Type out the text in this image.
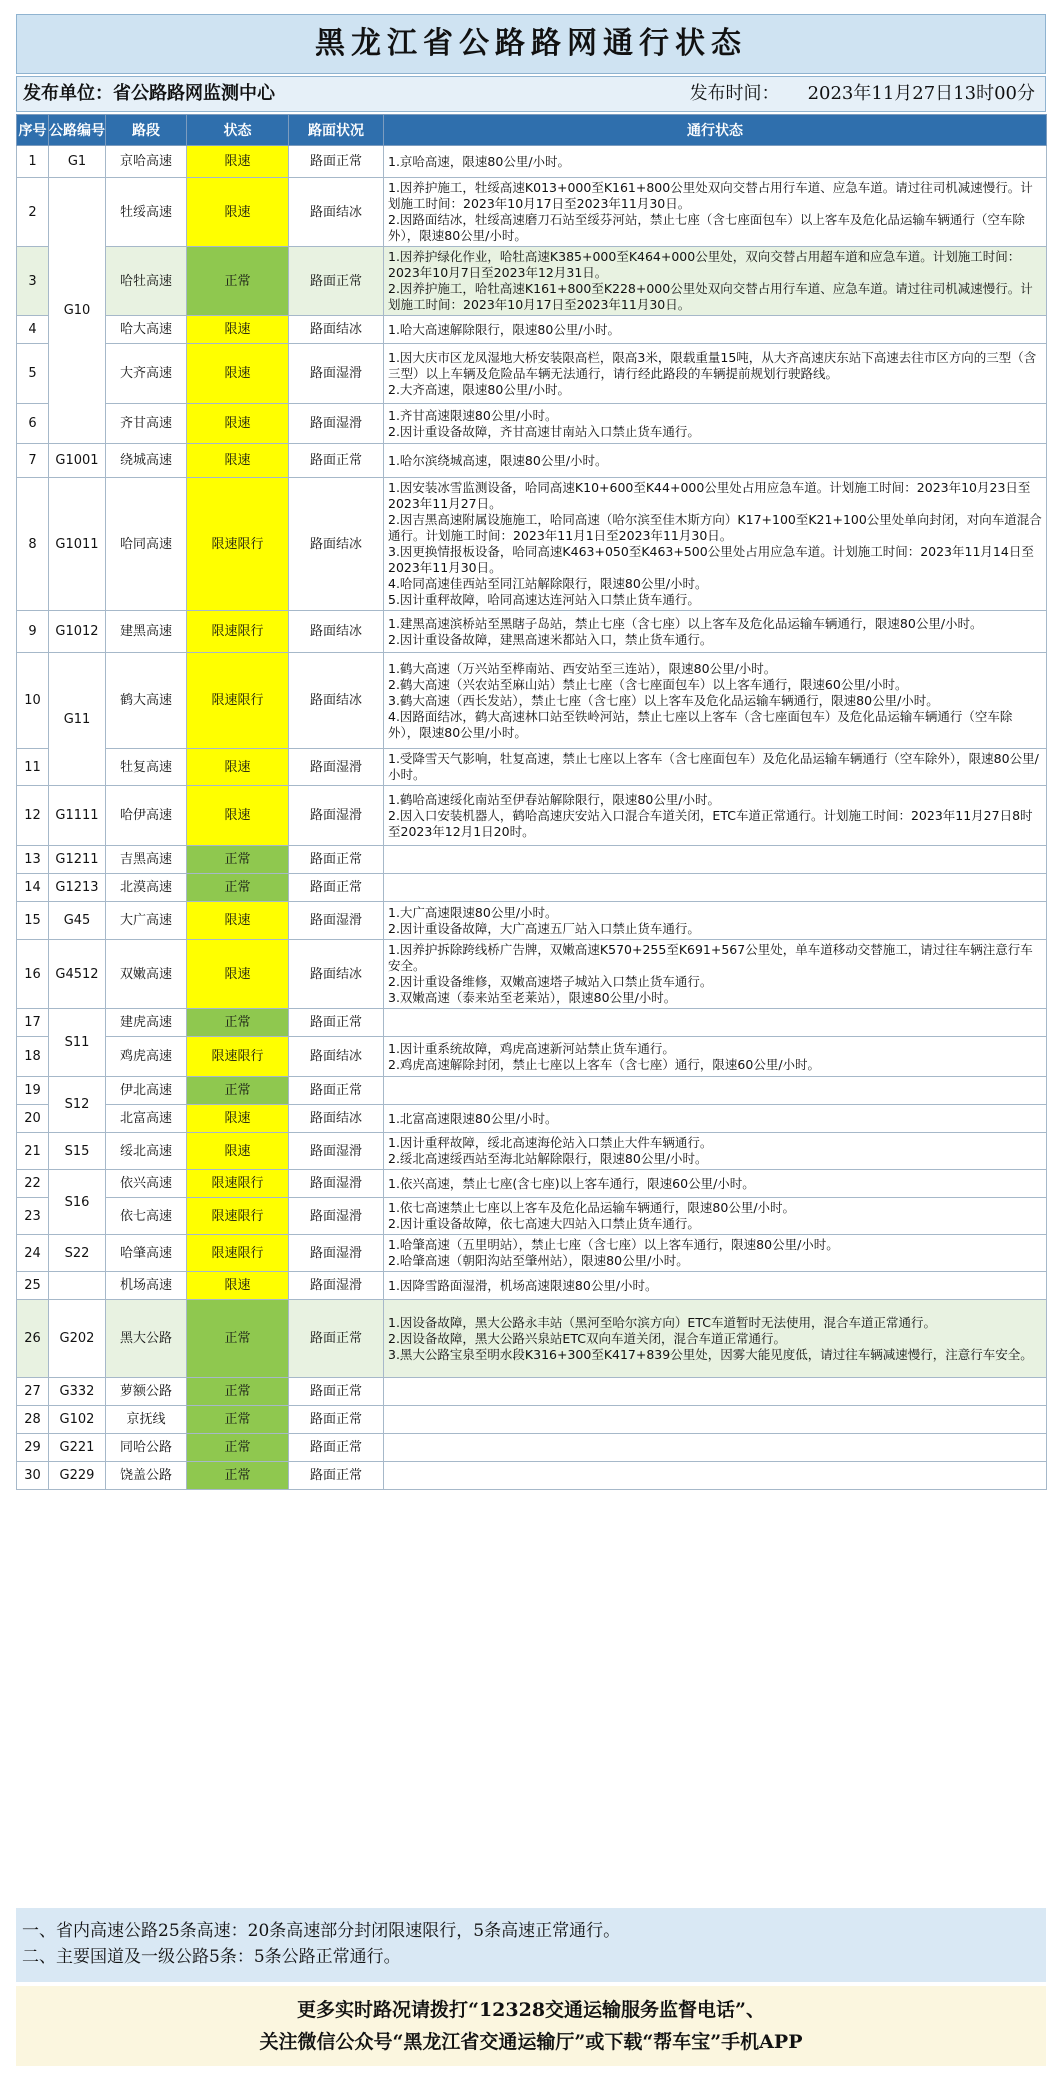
黑龙江省公路路网通行状态
发布单位：省公路路网监测中心	发布时间： 2023年11月27日13时00分
序号	公路编号	路段	状态	路面状况	通行状态
1	G1	京哈高速	限速	路面正常	1.京哈高速，限速80公里/小时。

2	G10	牡绥高速	限速	路面结冰	1.因养护施工，牡绥高速K013+000至K161+800公里处双向交替占用行车道、应急车道。请过往司机减速慢行。计划施工时间：2023年10月17日至2023年11月30日。
2.因路面结冰，牡绥高速磨刀石站至绥芬河站，禁止七座（含七座面包车）以上客车及危化品运输车辆通行（空车除外），限速80公里/小时。

3		哈牡高速	正常	路面正常	1.因养护绿化作业，哈牡高速K385+000至K464+000公里处，双向交替占用超车道和应急车道。计划施工时间：2023年10月7日至2023年12月31日。
2.因养护施工，哈牡高速K161+800至K228+000公里处双向交替占用行车道、应急车道。请过往司机减速慢行。计划施工时间：2023年10月17日至2023年11月30日。

4		哈大高速	限速	路面结冰	1.哈大高速解除限行，限速80公里/小时。

5		大齐高速	限速	路面湿滑	1.因大庆市区龙凤湿地大桥安装限高栏，限高3米，限载重量15吨，从大齐高速庆东站下高速去往市区方向的三型（含三型）以上车辆及危险品车辆无法通行，请行经此路段的车辆提前规划行驶路线。
2.大齐高速，限速80公里/小时。

6		齐甘高速	限速	路面湿滑	1.齐甘高速限速80公里/小时。
2.因计重设备故障，齐甘高速甘南站入口禁止货车通行。

7	G1001	绕城高速	限速	路面正常	1.哈尔滨绕城高速，限速80公里/小时。

8	G1011	哈同高速	限速限行	路面结冰	1.因安装冰雪监测设备，哈同高速K10+600至K44+000公里处占用应急车道。计划施工时间：2023年10月23日至2023年11月27日。
2.因吉黑高速附属设施施工，哈同高速（哈尔滨至佳木斯方向）K17+100至K21+100公里处单向封闭，对向车道混合通行。计划施工时间：2023年11月1日至2023年11月30日。
3.因更换情报板设备，哈同高速K463+050至K463+500公里处占用应急车道。计划施工时间：2023年11月14日至2023年11月30日。
4.哈同高速佳西站至同江站解除限行，限速80公里/小时。
5.因计重秤故障，哈同高速达连河站入口禁止货车通行。

9	G1012	建黑高速	限速限行	路面结冰	1.建黑高速滨桥站至黑瞎子岛站，禁止七座（含七座）以上客车及危化品运输车辆通行，限速80公里/小时。
2.因计重设备故障，建黑高速米都站入口，禁止货车通行。

10	G11	鹤大高速	限速限行	路面结冰	1.鹤大高速（万兴站至桦南站、西安站至三连站），限速80公里/小时。
2.鹤大高速（兴农站至麻山站）禁止七座（含七座面包车）以上客车通行，限速60公里/小时。
3.鹤大高速（西长发站），禁止七座（含七座）以上客车及危化品运输车辆通行，限速80公里/小时。
4.因路面结冰，鹤大高速林口站至铁岭河站，禁止七座以上客车（含七座面包车）及危化品运输车辆通行（空车除外），限速80公里/小时。

11		牡复高速	限速	路面湿滑	1.受降雪天气影响，牡复高速，禁止七座以上客车（含七座面包车）及危化品运输车辆通行（空车除外），限速80公里/小时。

12	G1111	哈伊高速	限速	路面湿滑	1.鹤哈高速绥化南站至伊春站解除限行，限速80公里/小时。
2.因入口安装机器人，鹤哈高速庆安站入口混合车道关闭，ETC车道正常通行。计划施工时间：2023年11月27日8时至2023年12月1日20时。

13	G1211	吉黑高速	正常	路面正常	
14	G1213	北漠高速	正常	路面正常	
15	G45	大广高速	限速	路面湿滑	1.大广高速限速80公里/小时。
2.因计重设备故障，大广高速五厂站入口禁止货车通行。

16	G4512	双嫩高速	限速	路面结冰	1.因养护拆除跨线桥广告牌，双嫩高速K570+255至K691+567公里处，单车道移动交替施工，请过往车辆注意行车安全。
2.因计重设备维修，双嫩高速塔子城站入口禁止货车通行。
3.双嫩高速（泰来站至老莱站），限速80公里/小时。

17	S11	建虎高速	正常	路面正常	
18		鸡虎高速	限速限行	路面结冰	1.因计重系统故障，鸡虎高速新河站禁止货车通行。
2.鸡虎高速解除封闭，禁止七座以上客车（含七座）通行，限速60公里/小时。

19	S12	伊北高速	正常	路面正常	
20		北富高速	限速	路面结冰	1.北富高速限速80公里/小时。

21	S15	绥北高速	限速	路面湿滑	1.因计重秤故障，绥北高速海伦站入口禁止大件车辆通行。
2.绥北高速绥西站至海北站解除限行，限速80公里/小时。

22	S16	依兴高速	限速限行	路面湿滑	1.依兴高速，禁止七座(含七座)以上客车通行，限速60公里/小时。

23		依七高速	限速限行	路面湿滑	1.依七高速禁止七座以上客车及危化品运输车辆通行，限速80公里/小时。
2.因计重设备故障，依七高速大四站入口禁止货车通行。

24	S22	哈肇高速	限速限行	路面湿滑	1.哈肇高速（五里明站），禁止七座（含七座）以上客车通行，限速80公里/小时。
2.哈肇高速（朝阳沟站至肇州站），限速80公里/小时。

25		机场高速	限速	路面湿滑	1.因降雪路面湿滑，机场高速限速80公里/小时。

26	G202	黑大公路	正常	路面正常	1.因设备故障，黑大公路永丰站（黑河至哈尔滨方向）ETC车道暂时无法使用，混合车道正常通行。
2.因设备故障，黑大公路兴泉站ETC双向车道关闭，混合车道正常通行。
3.黑大公路宝泉至明水段K316+300至K417+839公里处，因雾大能见度低，请过往车辆减速慢行，注意行车安全。

27	G332	萝额公路	正常	路面正常	
28	G102	京抚线	正常	路面正常	
29	G221	同哈公路	正常	路面正常	
30	G229	饶盖公路	正常	路面正常	
一、省内高速公路25条高速：20条高速部分封闭限速限行，5条高速正常通行。
二、主要国道及一级公路5条：5条公路正常通行。
更多实时路况请拨打“12328交通运输服务监督电话”、
关注微信公众号“黑龙江省交通运输厅”或下载“帮车宝”手机APP
